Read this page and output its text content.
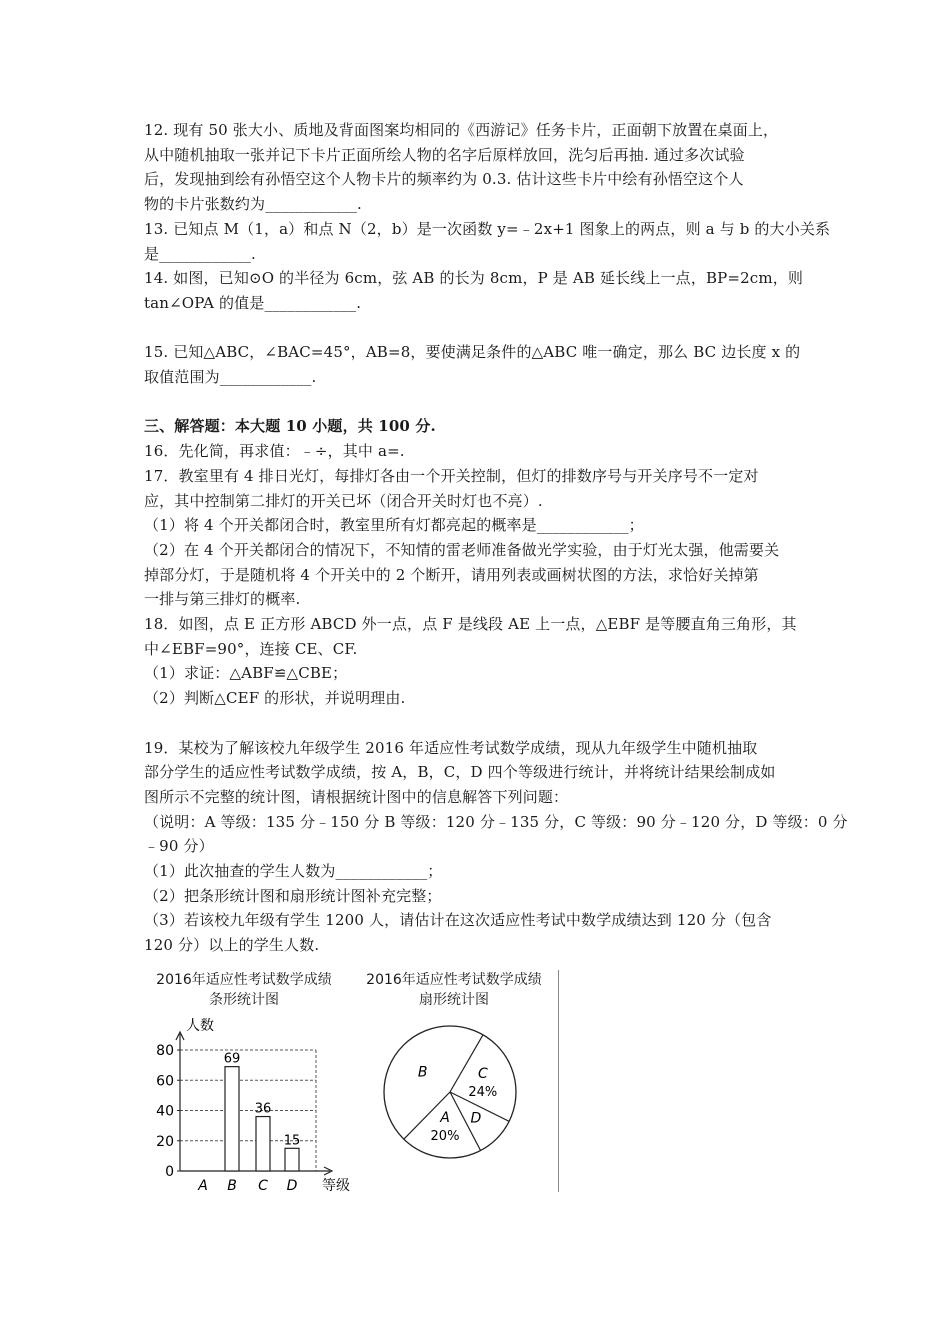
12. 现有 50 张大小、质地及背面图案均相同的《西游记》任务卡片，正面朝下放置在桌面上，
从中随机抽取一张并记下卡片正面所绘人物的名字后原样放回，洗匀后再抽. 通过多次试验
后，发现抽到绘有孙悟空这个人物卡片的频率约为 0.3. 估计这些卡片中绘有孙悟空这个人
物的卡片张数约为____________.
13. 已知点 M（1，a）和点 N（2，b）是一次函数 y=﹣2x+1 图象上的两点，则 a 与 b 的大小关系
是____________.
14. 如图，已知⊙O 的半径为 6cm，弦 AB 的长为 8cm，P 是 AB 延长线上一点，BP=2cm，则
tan∠OPA 的值是____________.
15. 已知△ABC，∠BAC=45°，AB=8，要使满足条件的△ABC 唯一确定，那么 BC 边长度 x 的
取值范围为____________.
三、解答题：本大题 10 小题，共 100 分.
16．先化简，再求值：﹣÷，其中 a=.
17．教室里有 4 排日光灯，每排灯各由一个开关控制，但灯的排数序号与开关序号不一定对
应，其中控制第二排灯的开关已坏（闭合开关时灯也不亮）.
（1）将 4 个开关都闭合时，教室里所有灯都亮起的概率是____________；
（2）在 4 个开关都闭合的情况下，不知情的雷老师准备做光学实验，由于灯光太强，他需要关
掉部分灯，于是随机将 4 个开关中的 2 个断开，请用列表或画树状图的方法，求恰好关掉第
一排与第三排灯的概率.
18．如图，点 E 正方形 ABCD 外一点，点 F 是线段 AE 上一点，△EBF 是等腰直角三角形，其
中∠EBF=90°，连接 CE、CF.
（1）求证：△ABF≌△CBE；
（2）判断△CEF 的形状，并说明理由.
19．某校为了解该校九年级学生 2016 年适应性考试数学成绩，现从九年级学生中随机抽取
部分学生的适应性考试数学成绩，按 A，B，C，D 四个等级进行统计，并将统计结果绘制成如
图所示不完整的统计图，请根据统计图中的信息解答下列问题：
（说明：A 等级：135 分﹣150 分 B 等级：120 分﹣135 分，C 等级：90 分﹣120 分，D 等级：0 分
﹣90 分）
（1）此次抽查的学生人数为____________；
（2）把条形统计图和扇形统计图补充完整；
（3）若该校九年级有学生 1200 人，请估计在这次适应性考试中数学成绩达到 120 分（包含
120 分）以上的学生人数.
2016年适应性考试数学成绩
条形统计图
2016年适应性考试数学成绩
扇形统计图
人数
等级
0
20
40
60
80
A
69
B
36
C
15
D
A
20%
B	C
24%
D
